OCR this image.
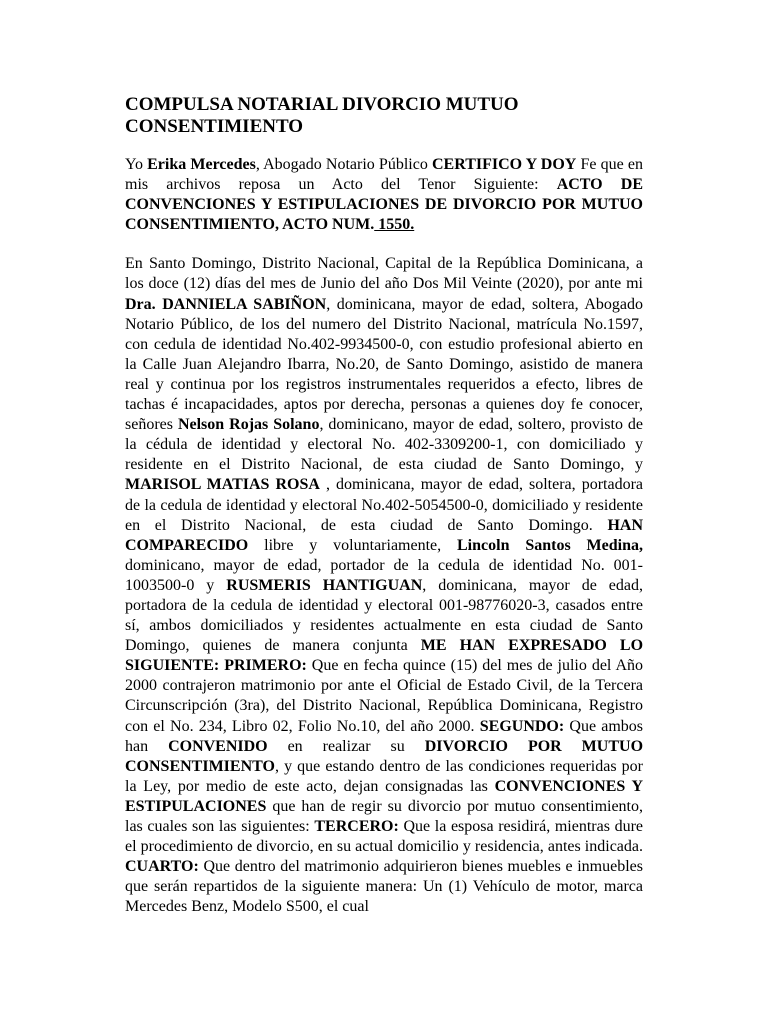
COMPULSA NOTARIAL DIVORCIO MUTUO CONSENTIMIENTO

Yo Erika Mercedes, Abogado Notario Público CERTIFICO Y DOY Fe que en mis archivos reposa un Acto del Tenor Siguiente: ACTO DE CONVENCIONES Y ESTIPULACIONES DE DIVORCIO POR MUTUO CONSENTIMIENTO, ACTO NUM. 1550.

En Santo Domingo, Distrito Nacional, Capital de la República Dominicana, a los doce (12) días del mes de Junio del año Dos Mil Veinte (2020), por ante mi Dra. DANNIELA SABIÑON, dominicana, mayor de edad, soltera, Abogado Notario Público, de los del numero del Distrito Nacional, matrícula No.1597, con cedula de identidad No.402-9934500-0, con estudio profesional abierto en la Calle Juan Alejandro Ibarra, No.20, de Santo Domingo, asistido de manera real y continua por los registros instrumentales requeridos a efecto, libres de tachas é incapacidades, aptos por derecha, personas a quienes doy fe conocer, señores Nelson Rojas Solano, dominicano, mayor de edad, soltero, provisto de la cédula de identidad y electoral No. 402-3309200-1, con domiciliado y residente en el Distrito Nacional, de esta ciudad de Santo Domingo, y MARISOL MATIAS ROSA , dominicana, mayor de edad, soltera, portadora de la cedula de identidad y electoral No.402-5054500-0, domiciliado y residente en el Distrito Nacional, de esta ciudad de Santo Domingo. HAN COMPARECIDO libre y voluntariamente, Lincoln Santos Medina, dominicano, mayor de edad, portador de la cedula de identidad No. 001-1003500-0 y RUSMERIS HANTIGUAN, dominicana, mayor de edad, portadora de la cedula de identidad y electoral 001-98776020-3, casados entre sí, ambos domiciliados y residentes actualmente en esta ciudad de Santo Domingo, quienes de manera conjunta ME HAN EXPRESADO LO SIGUIENTE: PRIMERO: Que en fecha quince (15) del mes de julio del Año 2000 contrajeron matrimonio por ante el Oficial de Estado Civil, de la Tercera Circunscripción (3ra), del Distrito Nacional, República Dominicana, Registro con el No. 234, Libro 02, Folio No.10, del año 2000. SEGUNDO: Que ambos han CONVENIDO en realizar su DIVORCIO POR MUTUO CONSENTIMIENTO, y que estando dentro de las condiciones requeridas por la Ley, por medio de este acto, dejan consignadas las CONVENCIONES Y ESTIPULACIONES que han de regir su divorcio por mutuo consentimiento, las cuales son las siguientes: TERCERO: Que la esposa residirá, mientras dure el procedimiento de divorcio, en su actual domicilio y residencia, antes indicada. CUARTO: Que dentro del matrimonio adquirieron bienes muebles e inmuebles que serán repartidos de la siguiente manera: Un (1) Vehículo de motor, marca Mercedes Benz, Modelo S500, el cual
